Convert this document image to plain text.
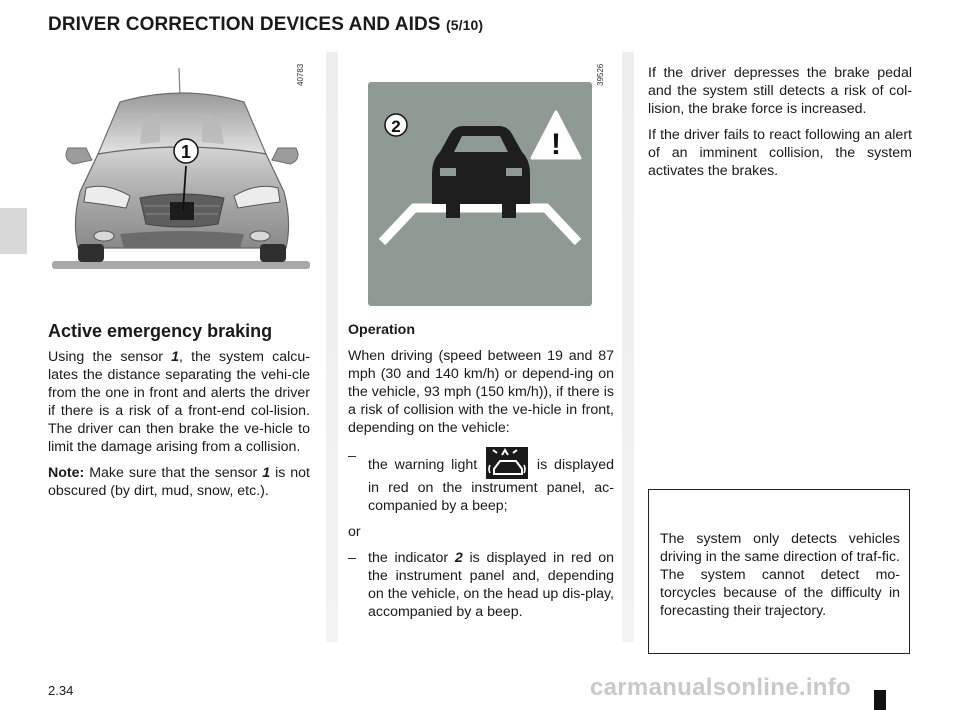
DRIVER CORRECTION DEVICES AND AIDS (5/10)
1
40783
!
2
39526
Active emergency braking

Using the sensor 1, the system calcu-lates the distance separating the vehi-cle from the one in front and alerts the driver if there is a risk of a front-end col-lision. The driver can then brake the ve-hicle to limit the damage arising from a collision.

Note: Make sure that the sensor 1 is not obscured (by dirt, mud, snow, etc.).

Operation

When driving (speed between 19 and 87 mph (30 and 140 km/h) or depend-ing on the vehicle, 93 mph (150 km/h)), if there is a risk of collision with the ve-hicle in front, depending on the vehicle:

–
the warning light	is displayed in red on the instrument panel, ac-companied by a beep;

or

– the indicator 2 is displayed in red on the instrument panel and, depending on the vehicle, on the head up dis-play, accompanied by a beep.

If the driver depresses the brake pedal and the system still detects a risk of col-lision, the brake force is increased.

If the driver fails to react following an alert of an imminent collision, the system activates the brakes.

The system only detects vehicles driving in the same direction of traf-fic. The system cannot detect mo-torcycles because of the difficulty in forecasting their trajectory.

2.34	carmanualsonline.info
